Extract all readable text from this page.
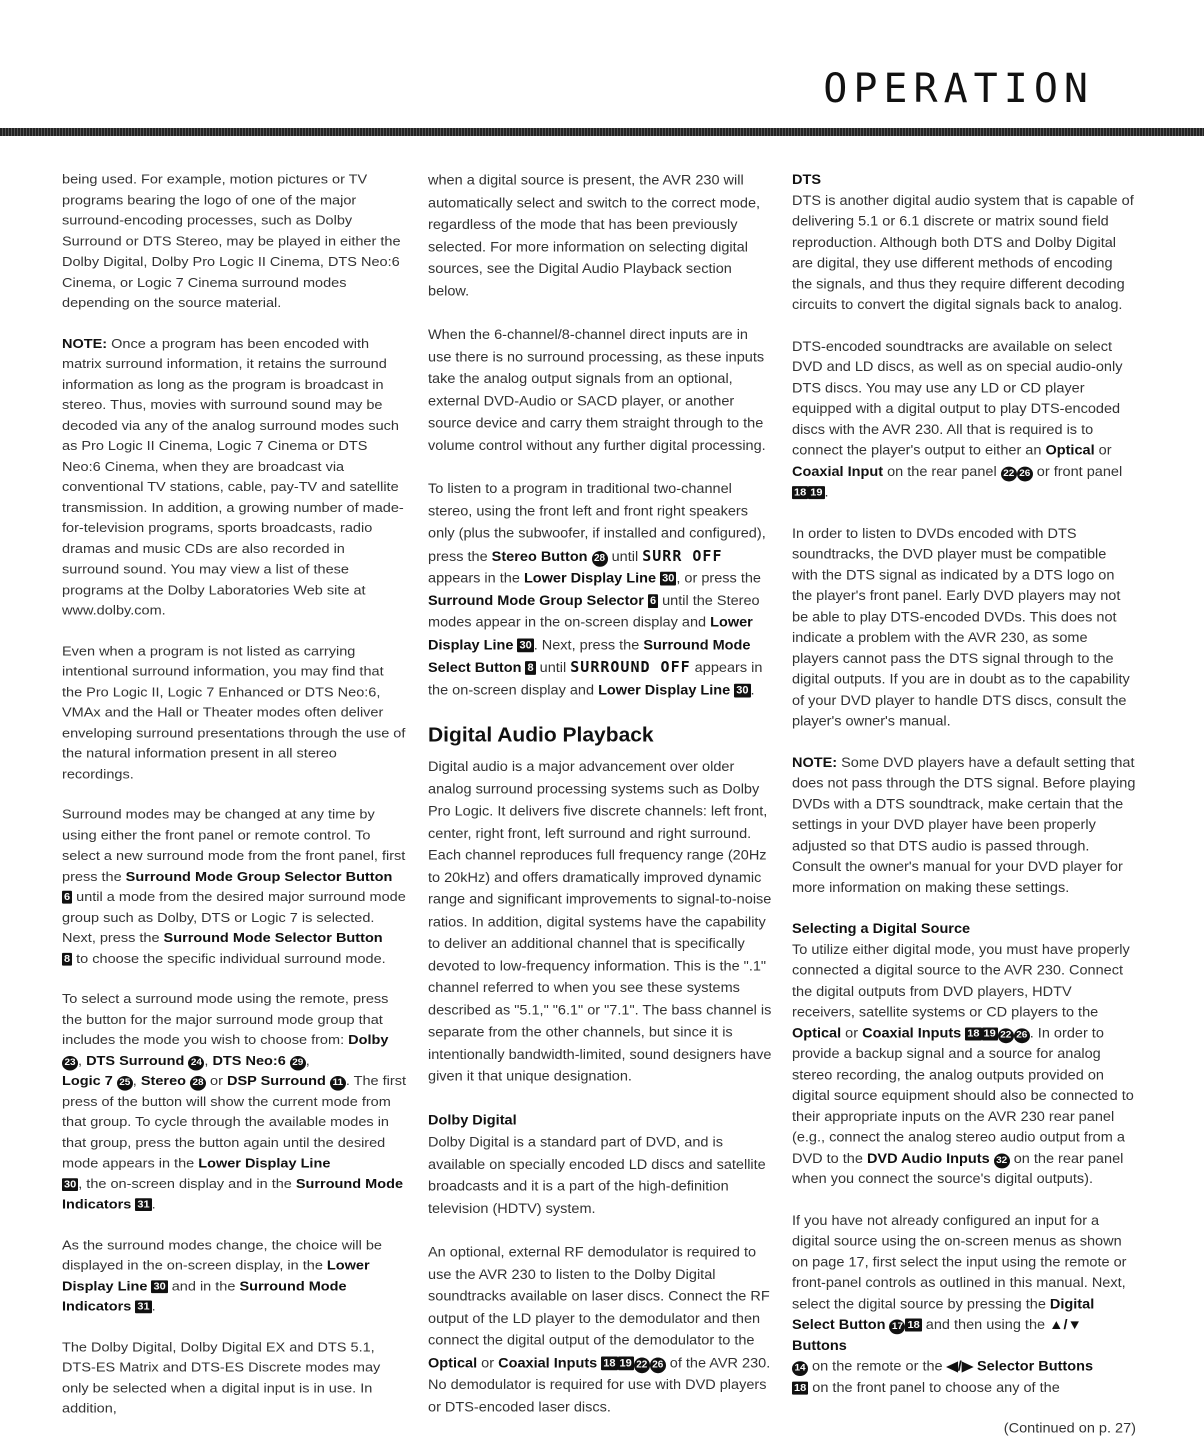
OPERATION

being used. For example, motion pictures or TV programs bearing the logo of one of the major surround-encoding processes, such as Dolby Surround or DTS Stereo, may be played in either the Dolby Digital, Dolby Pro Logic II Cinema, DTS Neo:6 Cinema, or Logic 7 Cinema surround modes depending on the source material.

NOTE: Once a program has been encoded with matrix surround information, it retains the surround information as long as the program is broadcast in stereo. Thus, movies with surround sound may be decoded via any of the analog surround modes such as Pro Logic II Cinema, Logic 7 Cinema or DTS Neo:6 Cinema, when they are broadcast via conventional TV stations, cable, pay-TV and satellite transmission. In addition, a growing number of made-for-television programs, sports broadcasts, radio dramas and music CDs are also recorded in surround sound. You may view a list of these programs at the Dolby Laboratories Web site at www.dolby.com.

Even when a program is not listed as carrying intentional surround information, you may find that the Pro Logic II, Logic 7 Enhanced or DTS Neo:6, VMAx and the Hall or Theater modes often deliver enveloping surround presentations through the use of the natural information present in all stereo recordings.

Surround modes may be changed at any time by using either the front panel or remote control. To select a new surround mode from the front panel, first press the Surround Mode Group Selector Button
6 until a mode from the desired major surround mode group such as Dolby, DTS or Logic 7 is selected. Next, press the Surround Mode Selector Button
8 to choose the specific individual surround mode.

To select a surround mode using the remote, press the button for the major surround mode group that includes the mode you wish to choose from: Dolby
23 , DTS Surround 24 , DTS Neo:6 29 ,
Logic 7 25 , Stereo 28 or DSP Surround 11 . The first press of the button will show the current mode from that group. To cycle through the available modes in that group, press the button again until the desired mode appears in the Lower Display Line
30 , the on-screen display and in the Surround Mode Indicators 31 .

As the surround modes change, the choice will be displayed in the on-screen display, in the Lower Display Line 30 and in the Surround Mode Indicators 31 .

The Dolby Digital, Dolby Digital EX and DTS 5.1, DTS-ES Matrix and DTS-ES Discrete modes may only be selected when a digital input is in use. In addition,

when a digital source is present, the AVR 230 will automatically select and switch to the correct mode, regardless of the mode that has been previously selected. For more information on selecting digital sources, see the Digital Audio Playback section below.

When the 6-channel/8-channel direct inputs are in use there is no surround processing, as these inputs take the analog output signals from an optional, external DVD-Audio or SACD player, or another source device and carry them straight through to the volume control without any further digital processing.

To listen to a program in traditional two-channel stereo, using the front left and front right speakers only (plus the subwoofer, if installed and configured), press the Stereo Button 28 until SURR OFF appears in the Lower Display Line 30 , or press the Surround Mode Group Selector 6 until the Stereo modes appear in the on-screen display and Lower Display Line 30 . Next, press the Surround Mode Select Button 8 until SURROUND OFF appears in the on-screen display and Lower Display Line 30 .

Digital Audio Playback

Digital audio is a major advancement over older analog surround processing systems such as Dolby Pro Logic. It delivers five discrete channels: left front, center, right front, left surround and right surround. Each channel reproduces full frequency range (20Hz to 20kHz) and offers dramatically improved dynamic range and significant improvements to signal-to-noise ratios. In addition, digital systems have the capability to deliver an additional channel that is specifically devoted to low-frequency information. This is the ".1" channel referred to when you see these systems described as "5.1," "6.1" or "7.1". The bass channel is separate from the other channels, but since it is intentionally bandwidth-limited, sound designers have given it that unique designation.

Dolby Digital

Dolby Digital is a standard part of DVD, and is available on specially encoded LD discs and satellite broadcasts and it is a part of the high-definition television (HDTV) system.

An optional, external RF demodulator is required to use the AVR 230 to listen to the Dolby Digital soundtracks available on laser discs. Connect the RF output of the LD player to the demodulator and then connect the digital output of the demodulator to the Optical or Coaxial Inputs 18 19 22 26 of the AVR 230. No demodulator is required for use with DVD players or DTS-encoded laser discs.

DTS

DTS is another digital audio system that is capable of delivering 5.1 or 6.1 discrete or matrix sound field reproduction. Although both DTS and Dolby Digital are digital, they use different methods of encoding the signals, and thus they require different decoding circuits to convert the digital signals back to analog.

DTS-encoded soundtracks are available on select DVD and LD discs, as well as on special audio-only DTS discs. You may use any LD or CD player equipped with a digital output to play DTS-encoded discs with the AVR 230. All that is required is to connect the player's output to either an Optical or Coaxial Input on the rear panel 22 26 or front panel 18 19 .

In order to listen to DVDs encoded with DTS soundtracks, the DVD player must be compatible with the DTS signal as indicated by a DTS logo on the player's front panel. Early DVD players may not be able to play DTS-encoded DVDs. This does not indicate a problem with the AVR 230, as some players cannot pass the DTS signal through to the digital outputs. If you are in doubt as to the capability of your DVD player to handle DTS discs, consult the player's owner's manual.

NOTE: Some DVD players have a default setting that does not pass through the DTS signal. Before playing DVDs with a DTS soundtrack, make certain that the settings in your DVD player have been properly adjusted so that DTS audio is passed through. Consult the owner's manual for your DVD player for more information on making these settings.

Selecting a Digital Source

To utilize either digital mode, you must have properly connected a digital source to the AVR 230. Connect the digital outputs from DVD players, HDTV receivers, satellite systems or CD players to the Optical or Coaxial Inputs 18 19 22 26 . In order to provide a backup signal and a source for analog stereo recording, the analog outputs provided on digital source equipment should also be connected to their appropriate inputs on the AVR 230 rear panel (e.g., connect the analog stereo audio output from a DVD to the DVD Audio Inputs 32 on the rear panel when you connect the source's digital outputs).

If you have not already configured an input for a digital source using the on-screen menus as shown on page 17, first select the input using the remote or front-panel controls as outlined in this manual. Next, select the digital source by pressing the Digital Select Button 17 18 and then using the ▲/▼ Buttons
14 on the remote or the ◀/▶ Selector Buttons
18 on the front panel to choose any of the

(Continued on p. 27)
